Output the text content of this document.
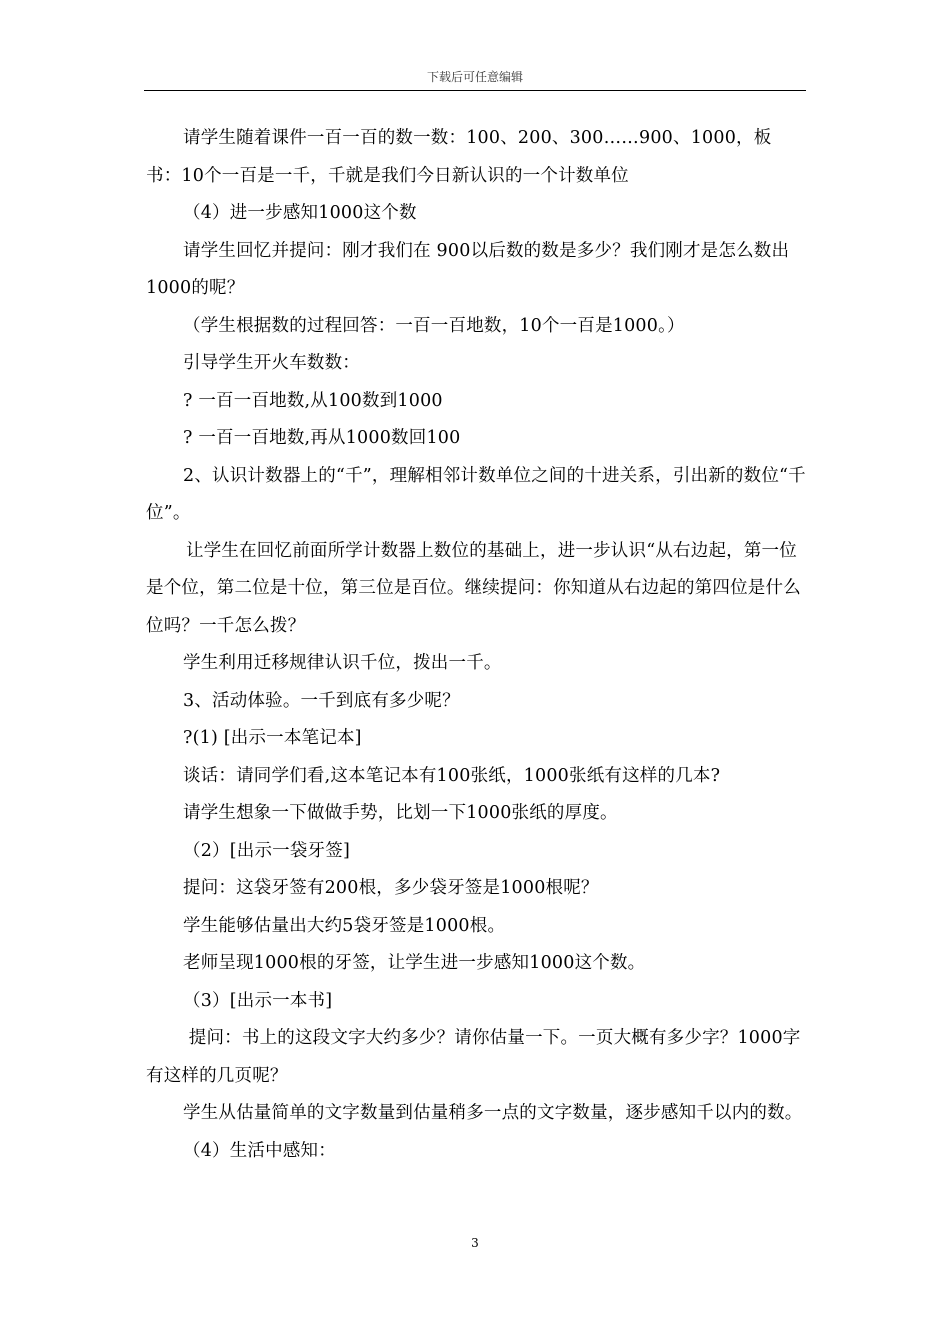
下载后可任意编辑

请学生随着课件一百一百的数一数：100、200、300……900、1000，板书：10个一百是一千，千就是我们今日新认识的一个计数单位

（4）进一步感知1000这个数

请学生回忆并提问：刚才我们在 900以后数的数是多少？我们刚才是怎么数出1000的呢？

（学生根据数的过程回答：一百一百地数，10个一百是1000。）

引导学生开火车数数：

? 一百一百地数,从100数到1000

? 一百一百地数,再从1000数回100

2、认识计数器上的“千”，理解相邻计数单位之间的十进关系，引出新的数位“千位”。

让学生在回忆前面所学计数器上数位的基础上，进一步认识“从右边起，第一位是个位，第二位是十位，第三位是百位。继续提问：你知道从右边起的第四位是什么位吗？一千怎么拨？

学生利用迁移规律认识千位，拨出一千。

3、活动体验。一千到底有多少呢？

?(1) [出示一本笔记本]

谈话：请同学们看,这本笔记本有100张纸，1000张纸有这样的几本?

请学生想象一下做做手势，比划一下1000张纸的厚度。

（2）[出示一袋牙签]

提问：这袋牙签有200根，多少袋牙签是1000根呢？

学生能够估量出大约5袋牙签是1000根。

老师呈现1000根的牙签，让学生进一步感知1000这个数。

（3）[出示一本书]

提问：书上的这段文字大约多少？请你估量一下。一页大概有多少字？1000字有这样的几页呢？

学生从估量简单的文字数量到估量稍多一点的文字数量，逐步感知千以内的数。

（4）生活中感知：

3
